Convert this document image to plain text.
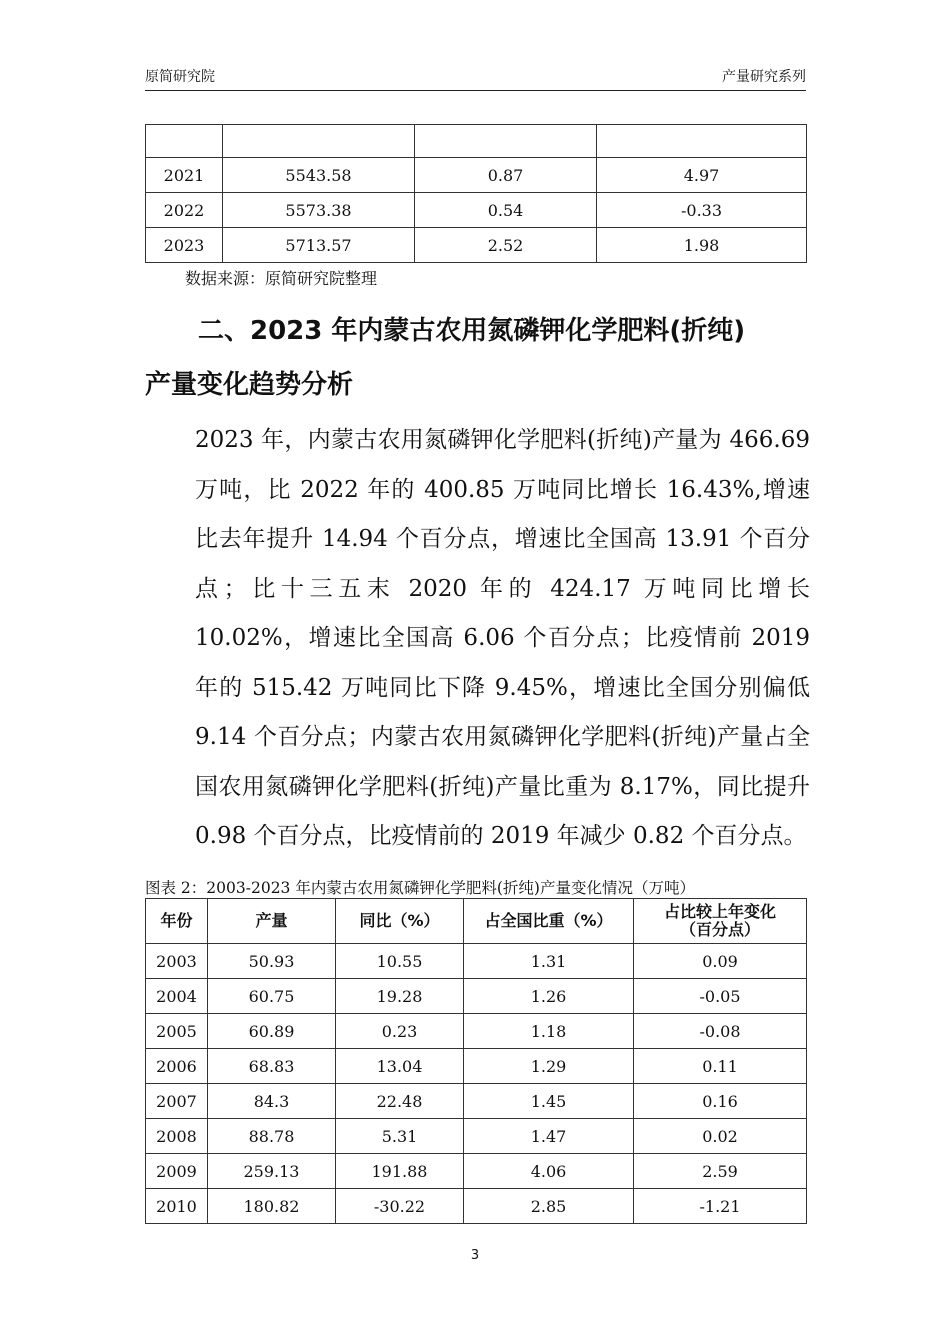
原简研究院	产量研究系列

2021	5543.58	0.87	4.97
2022	5573.38	0.54	-0.33
2023	5713.57	2.52	1.98
数据来源：原简研究院整理
二、2023 年内蒙古农用氮磷钾化学肥料(折纯)
产量变化趋势分析
2023 年，内蒙古农用氮磷钾化学肥料(折纯)产量为 466.69 万吨，比 2022 年的 400.85 万吨同比增长 16.43%,增速比去年提升 14.94 个百分点，增速比全国高 13.91 个百分点；比十三五末 2020 年的 424.17 万吨同比增长 10.02%，增速比全国高 6.06 个百分点；比疫情前 2019 年的 515.42 万吨同比下降 9.45%，增速比全国分别偏低 9.14 个百分点；内蒙古农用氮磷钾化学肥料(折纯)产量占全国农用氮磷钾化学肥料(折纯)产量比重为 8.17%，同比提升 0.98 个百分点，比疫情前的 2019 年减少 0.82 个百分点。
图表 2：2003-2023 年内蒙古农用氮磷钾化学肥料(折纯)产量变化情况（万吨）
年份	产量	同比（%）	占全国比重（%）	占比较上年变化
（百分点）

2003	50.93	10.55	1.31	0.09
2004	60.75	19.28	1.26	-0.05
2005	60.89	0.23	1.18	-0.08
2006	68.83	13.04	1.29	0.11
2007	84.3	22.48	1.45	0.16
2008	88.78	5.31	1.47	0.02
2009	259.13	191.88	4.06	2.59
2010	180.82	-30.22	2.85	-1.21
3
